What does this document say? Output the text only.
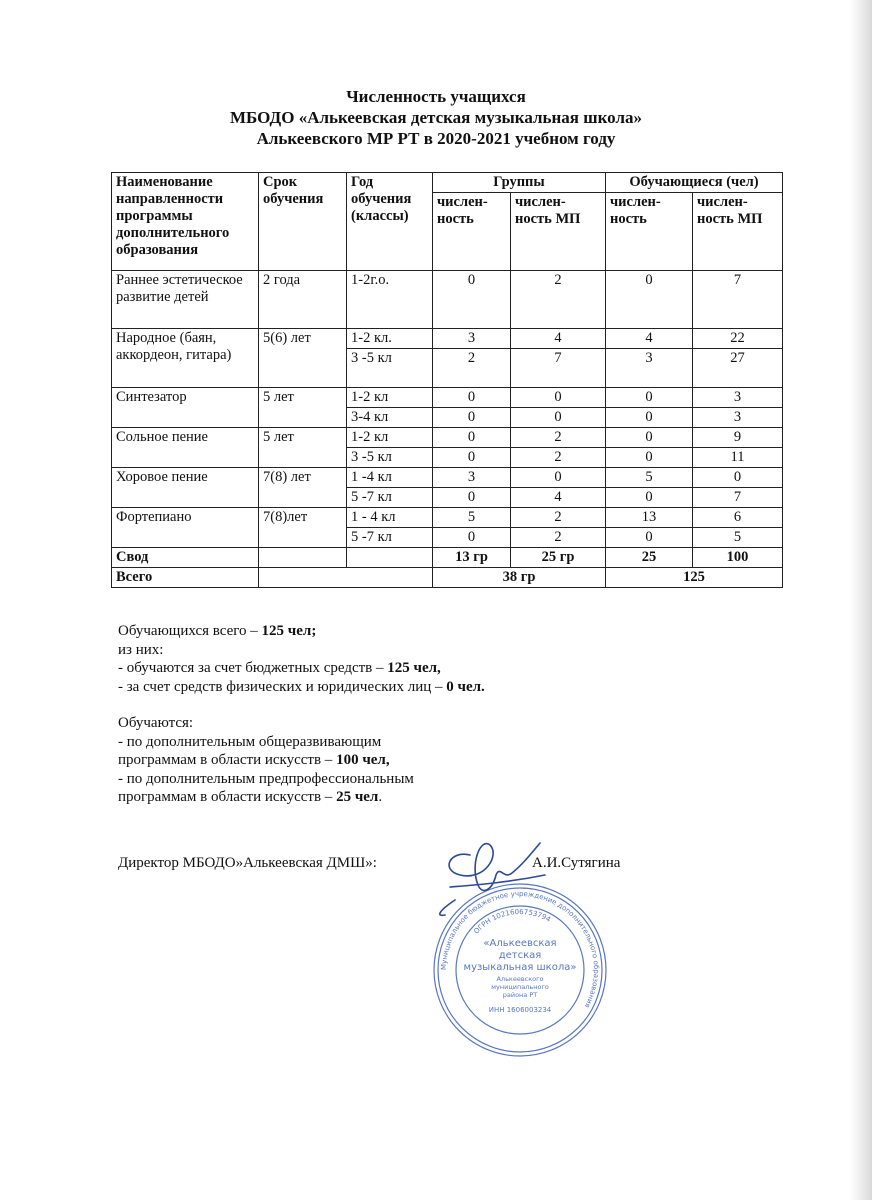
Численность учащихся
МБОДО «Алькеевская детская музыкальная школа»
Алькеевского МР РТ в 2020-2021 учебном году
Наименование направленности программы дополнительного образования	Срок обучения	Год обучения (классы)	Группы		Обучающиеся (чел)	
			числен-ность	числен-ность МП	числен-ность	числен-ность МП
Раннее эстетическое развитие детей	2 года	1-2г.о.	0	2	0	7
Народное (баян, аккордеон, гитара)	5(6) лет	1-2 кл.	3	4	4	22
		3 -5 кл	2	7	3	27
Синтезатор	5 лет	1-2 кл	0	0	0	3
		3-4 кл	0	0	0	3
Сольное пение	5 лет	1-2 кл	0	2	0	9
		3 -5 кл	0	2	0	11
Хоровое пение	7(8) лет	1 -4 кл	3	0	5	0
		5 -7 кл	0	4	0	7
Фортепиано	7(8)лет	1 - 4 кл	5	2	13	6
		5 -7 кл	0	2	0	5
Свод			13 гр	25 гр	25	100
Всего			38 гр		125	

Обучающихся всего – 125 чел;

из них:

- обучаются за счет бюджетных средств – 125 чел,

- за счет средств физических и юридических лиц – 0 чел.

Обучаются:

- по дополнительным общеразвивающим

программам в области искусств – 100 чел,

- по дополнительным предпрофессиональным

программам в области искусств – 25 чел.

Директор МБОДО»Алькеевская ДМШ»:	А.И.Сутягина
Муниципальное бюджетное учреждение дополнительного образования
ОГРН 1021606753794
«Алькеевская
детская
музыкальная школа»
Алькеевского
муниципального
района РТ
ИНН 1606003234
